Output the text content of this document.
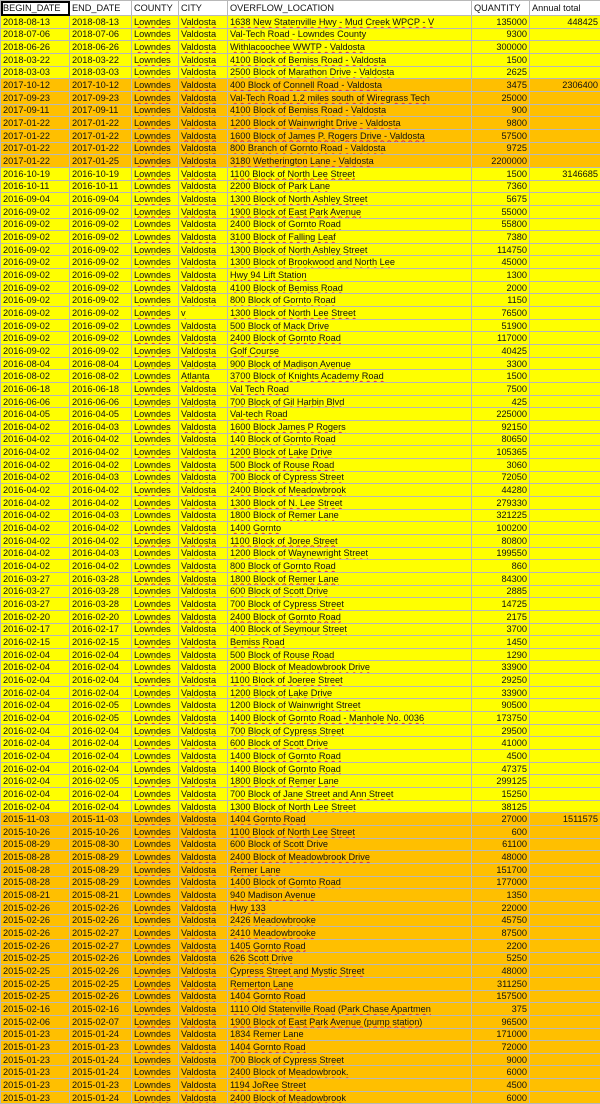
BEGIN_DATE	END_DATE	COUNTY	CITY	OVERFLOW_LOCATION	QUANTITY	Annual total
2018-08-13	2018-08-13	Lowndes	Valdosta	1638 New Statenville Hwy - Mud Creek WPCP - V	135000	448425
2018-07-06	2018-07-06	Lowndes	Valdosta	Val-Tech Road - Lowndes County	9300	
2018-06-26	2018-06-26	Lowndes	Valdosta	Withlacoochee WWTP - Valdosta	300000	
2018-03-22	2018-03-22	Lowndes	Valdosta	4100 Block of Bemiss Road - Valdosta	1500	
2018-03-03	2018-03-03	Lowndes	Valdosta	2500 Block of Marathon Drive - Valdosta	2625	
2017-10-12	2017-10-12	Lowndes	Valdosta	400 Block of Connell Road - Valdosta	3475	2306400
2017-09-23	2017-09-23	Lowndes	Valdosta	Val-Tech Road 1.2 miles south of Wiregrass Tech	25000	
2017-09-11	2017-09-11	Lowndes	Valdosta	4100 Block of Bemiss Road - Valdosta	900	
2017-01-22	2017-01-22	Lowndes	Valdosta	1200 Block of Wainwright Drive - Valdosta	9800	
2017-01-22	2017-01-22	Lowndes	Valdosta	1600 Block of James P. Rogers Drive - Valdosta	57500	
2017-01-22	2017-01-22	Lowndes	Valdosta	800 Branch of Gornto Road - Valdosta	9725	
2017-01-22	2017-01-25	Lowndes	Valdosta	3180 Wetherington Lane - Valdosta	2200000	
2016-10-19	2016-10-19	Lowndes	Valdosta	1100 Block of North Lee Street	1500	3146685
2016-10-11	2016-10-11	Lowndes	Valdosta	2200 Block of Park Lane	7360	
2016-09-04	2016-09-04	Lowndes	Valdosta	1300 Block of North Ashley Street	5675	
2016-09-02	2016-09-02	Lowndes	Valdosta	1900 Block of East Park Avenue	55000	
2016-09-02	2016-09-02	Lowndes	Valdosta	2400 Block of Gornto Road	55800	
2016-09-02	2016-09-02	Lowndes	Valdosta	3100 Block of Falling Leaf	7380	
2016-09-02	2016-09-02	Lowndes	Valdosta	1300 Block of North Ashley Street	114750	
2016-09-02	2016-09-02	Lowndes	Valdosta	1300 Block of Brookwood and North Lee	45000	
2016-09-02	2016-09-02	Lowndes	Valdosta	Hwy 94 Lift Station	1300	
2016-09-02	2016-09-02	Lowndes	Valdosta	4100 Block of Bemiss Road	2000	
2016-09-02	2016-09-02	Lowndes	Valdosta	800 Block of Gornto Road	1150	
2016-09-02	2016-09-02	Lowndes	v	1300 Block of North Lee Street	76500	
2016-09-02	2016-09-02	Lowndes	Valdosta	500 Block of Mack Drive	51900	
2016-09-02	2016-09-02	Lowndes	Valdosta	2400 Block of Gornto Road	117000	
2016-09-02	2016-09-02	Lowndes	Valdosta	Golf Course	40425	
2016-08-04	2016-08-04	Lowndes	Valdosta	900 Block of Madison Avenue	3300	
2016-08-02	2016-08-02	Lowndes	Atlanta	3700 Block of Knights Academy Road	1500	
2016-06-18	2016-06-18	Lowndes	Valdosta	Val Tech Road	7500	
2016-06-06	2016-06-06	Lowndes	Valdosta	700 Block of Gil Harbin Blvd	425	
2016-04-05	2016-04-05	Lowndes	Valdosta	Val-tech Road	225000	
2016-04-02	2016-04-03	Lowndes	Valdosta	1600 Block James P Rogers	92150	
2016-04-02	2016-04-02	Lowndes	Valdosta	140 Block of Gornto Road	80650	
2016-04-02	2016-04-02	Lowndes	Valdosta	1200 Block of Lake Drive	105365	
2016-04-02	2016-04-02	Lowndes	Valdosta	500 Block of Rouse Road	3060	
2016-04-02	2016-04-03	Lowndes	Valdosta	700 Block of Cypress Street	72050	
2016-04-02	2016-04-02	Lowndes	Valdosta	2400 Block of Meadowbrook	44280	
2016-04-02	2016-04-02	Lowndes	Valdosta	1300 Block of N. Lee Street	279330	
2016-04-02	2016-04-03	Lowndes	Valdosta	1800 Block of Remer Lane	321225	
2016-04-02	2016-04-02	Lowndes	Valdosta	1400 Gornto	100200	
2016-04-02	2016-04-02	Lowndes	Valdosta	1100 Block of Joree Street	80800	
2016-04-02	2016-04-03	Lowndes	Valdosta	1200 Block of Waynewright Street	199550	
2016-04-02	2016-04-02	Lowndes	Valdosta	800 Block of Gornto Road	860	
2016-03-27	2016-03-28	Lowndes	Valdosta	1800 Block of Remer Lane	84300	
2016-03-27	2016-03-28	Lowndes	Valdosta	600 Block of Scott Drive	2885	
2016-03-27	2016-03-28	Lowndes	Valdosta	700 Block of Cypress Street	14725	
2016-02-20	2016-02-20	Lowndes	Valdosta	2400 Block of Gornto Road	2175	
2016-02-17	2016-02-17	Lowndes	Valdosta	400 Block of Seymour Street	3700	
2016-02-15	2016-02-15	Lowndes	Valdosta	Bemiss Road	1450	
2016-02-04	2016-02-04	Lowndes	Valdosta	500 Block of Rouse Road	1290	
2016-02-04	2016-02-04	Lowndes	Valdosta	2000 Block of Meadowbrook Drive	33900	
2016-02-04	2016-02-04	Lowndes	Valdosta	1100 Block of Joeree Street	29250	
2016-02-04	2016-02-04	Lowndes	Valdosta	1200 Block of Lake Drive	33900	
2016-02-04	2016-02-05	Lowndes	Valdosta	1200 Block of Wainwright Street	90500	
2016-02-04	2016-02-05	Lowndes	Valdosta	1400 Block of Gornto Road - Manhole No. 0036	173750	
2016-02-04	2016-02-04	Lowndes	Valdosta	700 Block of Cypress Street	29500	
2016-02-04	2016-02-04	Lowndes	Valdosta	600 Block of Scott Drive	41000	
2016-02-04	2016-02-04	Lowndes	Valdosta	1400 Block of Gornto Road	4500	
2016-02-04	2016-02-04	Lowndes	Valdosta	1400 Block of Gornto Road	47375	
2016-02-04	2016-02-05	Lowndes	Valdosta	1800 Block of Remer Lane	299125	
2016-02-04	2016-02-04	Lowndes	Valdosta	700 Block of Jane Street and Ann Street	15250	
2016-02-04	2016-02-04	Lowndes	Valdosta	1300 Block of North Lee Street	38125	
2015-11-03	2015-11-03	Lowndes	Valdosta	1404 Gornto Road	27000	1511575
2015-10-26	2015-10-26	Lowndes	Valdosta	1100 Block of North Lee Street	600	
2015-08-29	2015-08-30	Lowndes	Valdosta	600 Block of Scott Drive	61100	
2015-08-28	2015-08-29	Lowndes	Valdosta	2400 Block of Meadowbrook Drive	48000	
2015-08-28	2015-08-29	Lowndes	Valdosta	Remer Lane	151700	
2015-08-28	2015-08-29	Lowndes	Valdosta	1400 Block of Gornto Road	177000	
2015-08-21	2015-08-21	Lowndes	Valdosta	940 Madison Avenue	1350	
2015-02-26	2015-02-26	Lowndes	Valdosta	Hwy 133	22000	
2015-02-26	2015-02-26	Lowndes	Valdosta	2426 Meadowbrooke	45750	
2015-02-26	2015-02-27	Lowndes	Valdosta	2410 Meadowbrooke	87500	
2015-02-26	2015-02-27	Lowndes	Valdosta	1405 Gornto Road	2200	
2015-02-25	2015-02-26	Lowndes	Valdosta	626 Scott Drive	5250	
2015-02-25	2015-02-26	Lowndes	Valdosta	Cypress Street and Mystic Street	48000	
2015-02-25	2015-02-25	Lowndes	Valdosta	Remerton Lane	311250	
2015-02-25	2015-02-26	Lowndes	Valdosta	1404 Gornto Road	157500	
2015-02-16	2015-02-16	Lowndes	Valdosta	1110 Old Statenville Road (Park Chase Apartmen	375	
2015-02-06	2015-02-07	Lowndes	Valdosta	1900 Block of East Park Avenue (pump station)	96500	
2015-01-23	2015-01-24	Lowndes	Valdosta	1834 Remer Lane	171000	
2015-01-23	2015-01-23	Lowndes	Valdosta	1404 Gornto Road	72000	
2015-01-23	2015-01-24	Lowndes	Valdosta	700 Block of Cypress Street	9000	
2015-01-23	2015-01-24	Lowndes	Valdosta	2400 Block of Meadowbrook.	6000	
2015-01-23	2015-01-23	Lowndes	Valdosta	1194 JoRee Street	4500	
2015-01-23	2015-01-24	Lowndes	Valdosta	2400 Block of Meadowbrook	6000	
